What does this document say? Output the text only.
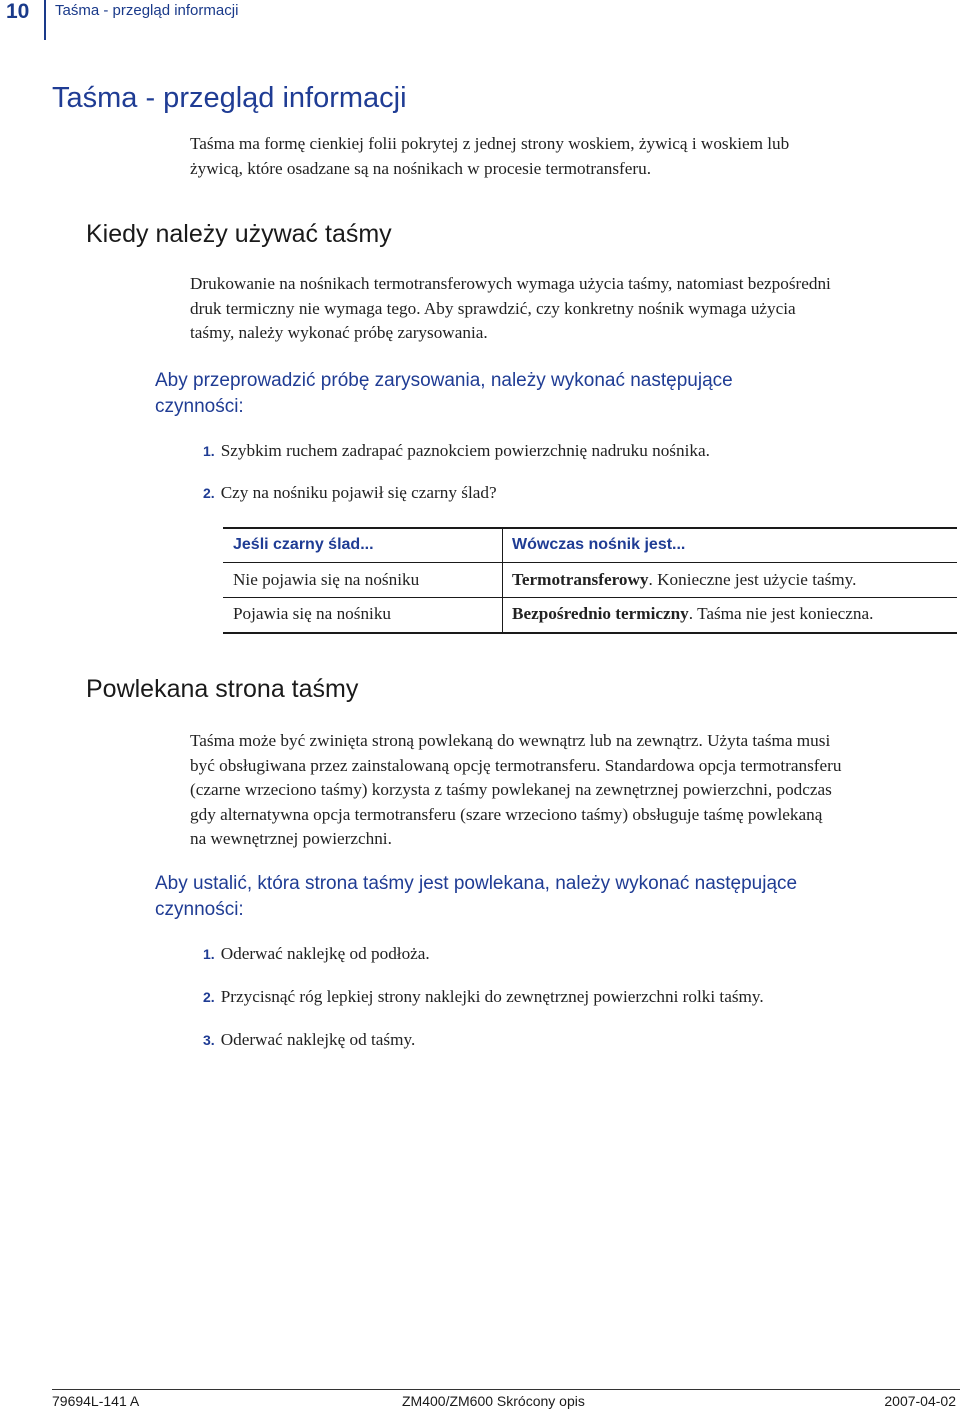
10 Taśma - przegląd informacji
Taśma - przegląd informacji
Taśma ma formę cienkiej folii pokrytej z jednej strony woskiem, żywicą i woskiem lub
żywicą, które osadzane są na nośnikach w procesie termotransferu.
Kiedy należy używać taśmy
Drukowanie na nośnikach termotransferowych wymaga użycia taśmy, natomiast bezpośredni
druk termiczny nie wymaga tego. Aby sprawdzić, czy konkretny nośnik wymaga użycia
taśmy, należy wykonać próbę zarysowania.
Aby przeprowadzić próbę zarysowania, należy wykonać następujące
czynności:
1. Szybkim ruchem zadrapać paznokciem powierzchnię nadruku nośnika.
2. Czy na nośniku pojawił się czarny ślad?
Jeśli czarny ślad...	Wówczas nośnik jest...
Nie pojawia się na nośniku	Termotransferowy. Konieczne jest użycie taśmy.
Pojawia się na nośniku	Bezpośrednio termiczny. Taśma nie jest konieczna.
Powlekana strona taśmy
Taśma może być zwinięta stroną powlekaną do wewnątrz lub na zewnątrz. Użyta taśma musi
być obsługiwana przez zainstalowaną opcję termotransferu. Standardowa opcja termotransferu
(czarne wrzeciono taśmy) korzysta z taśmy powlekanej na zewnętrznej powierzchni, podczas
gdy alternatywna opcja termotransferu (szare wrzeciono taśmy) obsługuje taśmę powlekaną
na wewnętrznej powierzchni.
Aby ustalić, która strona taśmy jest powlekana, należy wykonać następujące
czynności:
1. Oderwać naklejkę od podłoża.
2. Przycisnąć róg lepkiej strony naklejki do zewnętrznej powierzchni rolki taśmy.
3. Oderwać naklejkę od taśmy.
79694L-141 A	ZM400/ZM600 Skrócony opis	2007-04-02
